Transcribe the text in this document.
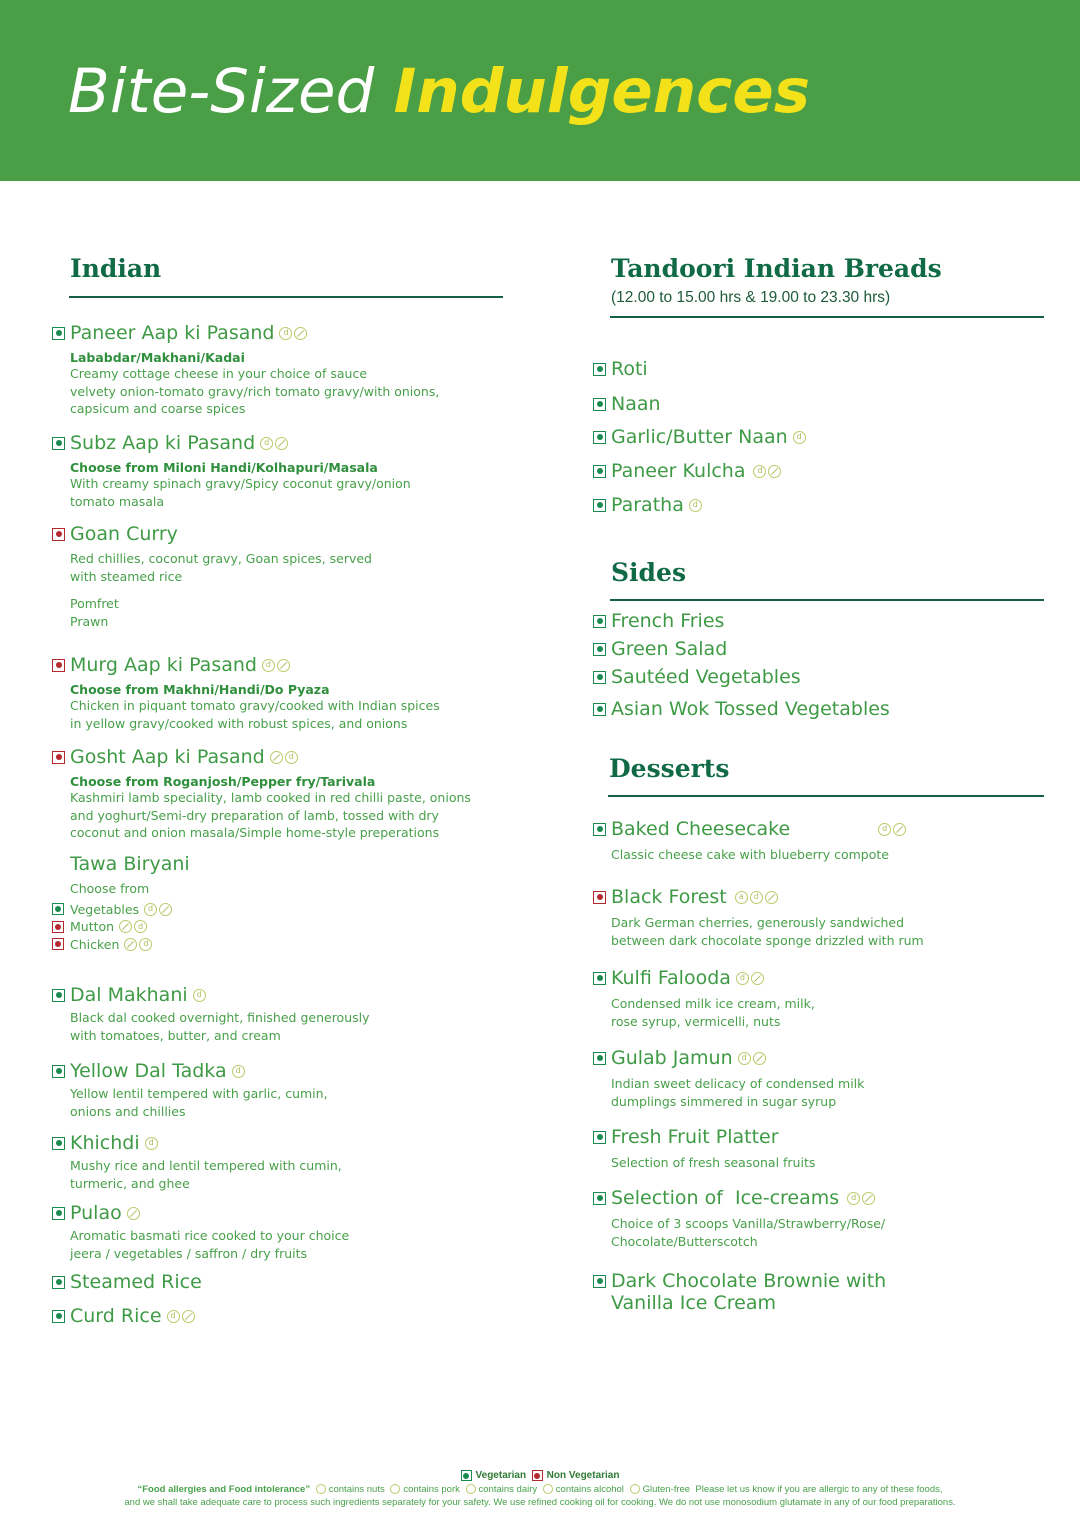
Bite-Sized Indulgences
Indian
Paneer Aap ki Pasand	d
Lababdar/Makhani/Kadai
Creamy cottage cheese in your choice of sauce
velvety onion-tomato gravy/rich tomato gravy/with onions,
capsicum and coarse spices
Subz Aap ki Pasand	d
Choose from Miloni Handi/Kolhapuri/Masala
With creamy spinach gravy/Spicy coconut gravy/onion
tomato masala
Goan Curry
Red chillies, coconut gravy, Goan spices, served
with steamed rice
Pomfret
Prawn
Murg Aap ki Pasand	d
Choose from Makhni/Handi/Do Pyaza
Chicken in piquant tomato gravy/cooked with Indian spices
in yellow gravy/cooked with robust spices, and onions
Gosht Aap ki Pasand	d
Choose from Roganjosh/Pepper fry/Tarivala
Kashmiri lamb speciality, lamb cooked in red chilli paste, onions
and yoghurt/Semi-dry preparation of lamb, tossed with dry
coconut and onion masala/Simple home-style preperations
Tawa Biryani
Choose from
Vegetables	d
Mutton	d
Chicken	d
Dal Makhani	d
Black dal cooked overnight, finished generously
with tomatoes, butter, and cream
Yellow Dal Tadka	d
Yellow lentil tempered with garlic, cumin,
onions and chillies
Khichdi	d
Mushy rice and lentil tempered with cumin,
turmeric, and ghee
Pulao
Aromatic basmati rice cooked to your choice
jeera / vegetables / saffron / dry fruits
Steamed Rice
Curd Rice	d
Tandoori Indian Breads
(12.00 to 15.00 hrs & 19.00 to 23.30 hrs)
Roti
Naan
Garlic/Butter Naan	d
Paneer Kulcha	d
Paratha	d
Sides
French Fries
Green Salad
Sautéed Vegetables
Asian Wok Tossed Vegetables
Desserts
Baked Cheesecake	d
Classic cheese cake with blueberry compote
Black Forest	a	d
Dark German cherries, generously sandwiched
between dark chocolate sponge drizzled with rum
Kulfi Falooda	d
Condensed milk ice cream, milk,
rose syrup, vermicelli, nuts
Gulab Jamun	d
Indian sweet delicacy of condensed milk
dumplings simmered in sugar syrup
Fresh Fruit Platter
Selection of fresh seasonal fruits
Selection of  Ice-creams	d
Choice of 3 scoops Vanilla/Strawberry/Rose/
Chocolate/Butterscotch
Dark Chocolate Brownie with
Vanilla Ice Cream
Vegetarian Non Vegetarian
“Food allergies and Food intolerance” contains nuts contains pork contains dairy contains alcohol Gluten-free Please let us know if you are allergic to any of these foods,
and we shall take adequate care to process such ingredients separately for your safety. We use refined cooking oil for cooking. We do not use monosodium glutamate in any of our food preparations.
